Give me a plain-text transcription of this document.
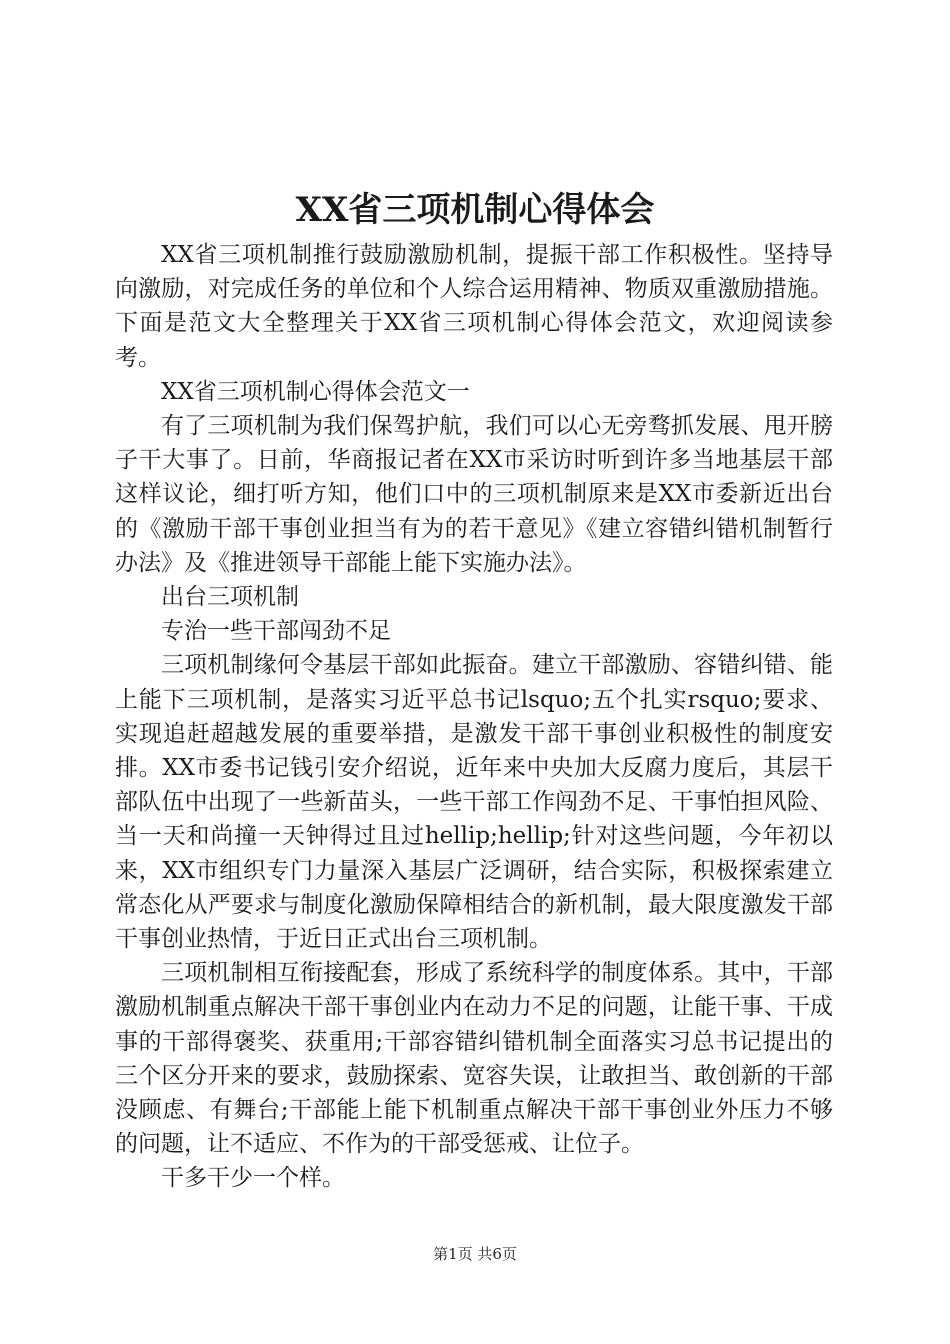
XX省三项机制心得体会

XX省三项机制推行鼓励激励机制，提振干部工作积极性。坚持导向激励，对完成任务的单位和个人综合运用精神、物质双重激励措施。下面是范文大全整理关于XX省三项机制心得体会范文，欢迎阅读参考。

XX省三项机制心得体会范文一

有了三项机制为我们保驾护航，我们可以心无旁骛抓发展、甩开膀子干大事了。日前，华商报记者在XX市采访时听到许多当地基层干部这样议论，细打听方知，他们口中的三项机制原来是XX市委新近出台的《激励干部干事创业担当有为的若干意见》《建立容错纠错机制暂行办法》及《推进领导干部能上能下实施办法》。

出台三项机制

专治一些干部闯劲不足

三项机制缘何令基层干部如此振奋。建立干部激励、容错纠错、能上能下三项机制，是落实习近平总书记lsquo;五个扎实rsquo;要求、实现追赶超越发展的重要举措，是激发干部干事创业积极性的制度安排。XX市委书记钱引安介绍说，近年来中央加大反腐力度后，其层干部队伍中出现了一些新苗头，一些干部工作闯劲不足、干事怕担风险、当一天和尚撞一天钟得过且过hellip;hellip;针对这些问题，今年初以来，XX市组织专门力量深入基层广泛调研，结合实际，积极探索建立常态化从严要求与制度化激励保障相结合的新机制，最大限度激发干部干事创业热情，于近日正式出台三项机制。

三项机制相互衔接配套，形成了系统科学的制度体系。其中，干部激励机制重点解决干部干事创业内在动力不足的问题，让能干事、干成事的干部得褒奖、获重用;干部容错纠错机制全面落实习总书记提出的三个区分开来的要求，鼓励探索、宽容失误，让敢担当、敢创新的干部没顾虑、有舞台;干部能上能下机制重点解决干部干事创业外压力不够的问题，让不适应、不作为的干部受惩戒、让位子。

干多干少一个样。

第1页 共6页
